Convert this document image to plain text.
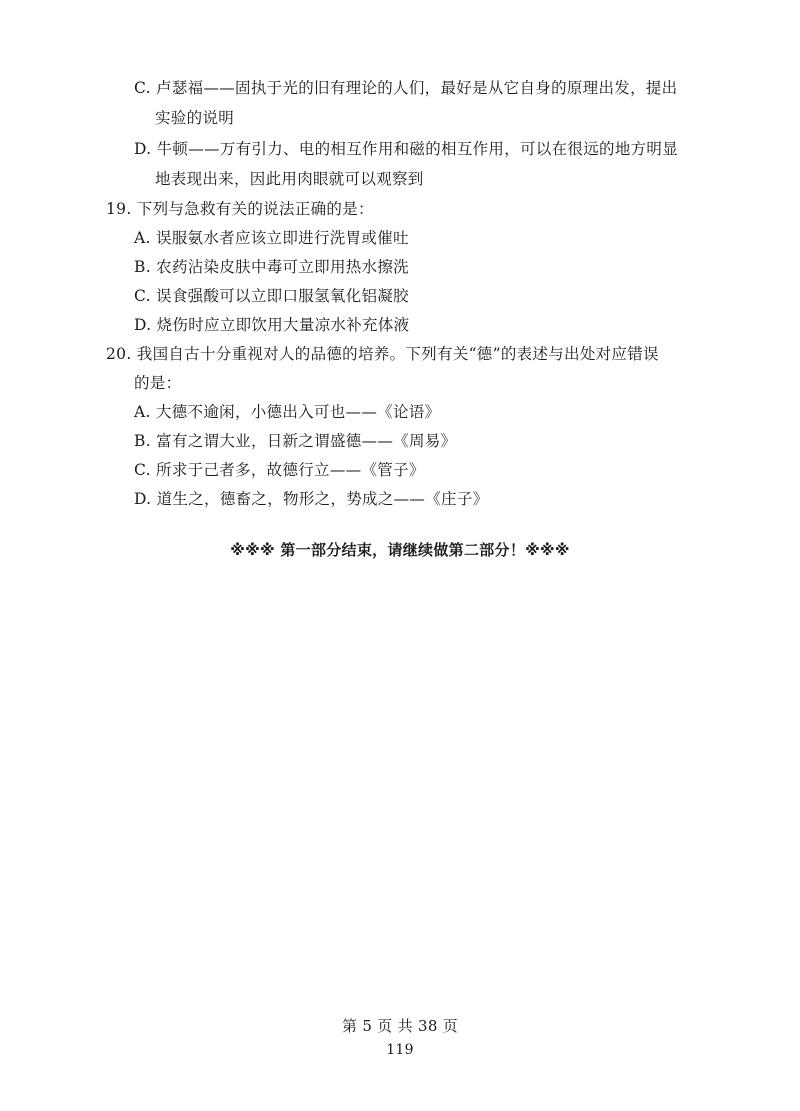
C. 卢瑟福——固执于光的旧有理论的人们，最好是从它自身的原理出发，提出
实验的说明
D. 牛顿——万有引力、电的相互作用和磁的相互作用，可以在很远的地方明显
地表现出来，因此用肉眼就可以观察到
19. 下列与急救有关的说法正确的是：
A. 误服氨水者应该立即进行洗胃或催吐
B. 农药沾染皮肤中毒可立即用热水擦洗
C. 误食强酸可以立即口服氢氧化铝凝胶
D. 烧伤时应立即饮用大量凉水补充体液
20. 我国自古十分重视对人的品德的培养。下列有关“德”的表述与出处对应错误
的是：
A. 大德不逾闲，小德出入可也——《论语》
B. 富有之谓大业，日新之谓盛德——《周易》
C. 所求于己者多，故德行立——《管子》
D. 道生之，德畜之，物形之，势成之——《庄子》
※※※ 第一部分结束，请继续做第二部分！※※※
第 5 页 共 38 页
119
